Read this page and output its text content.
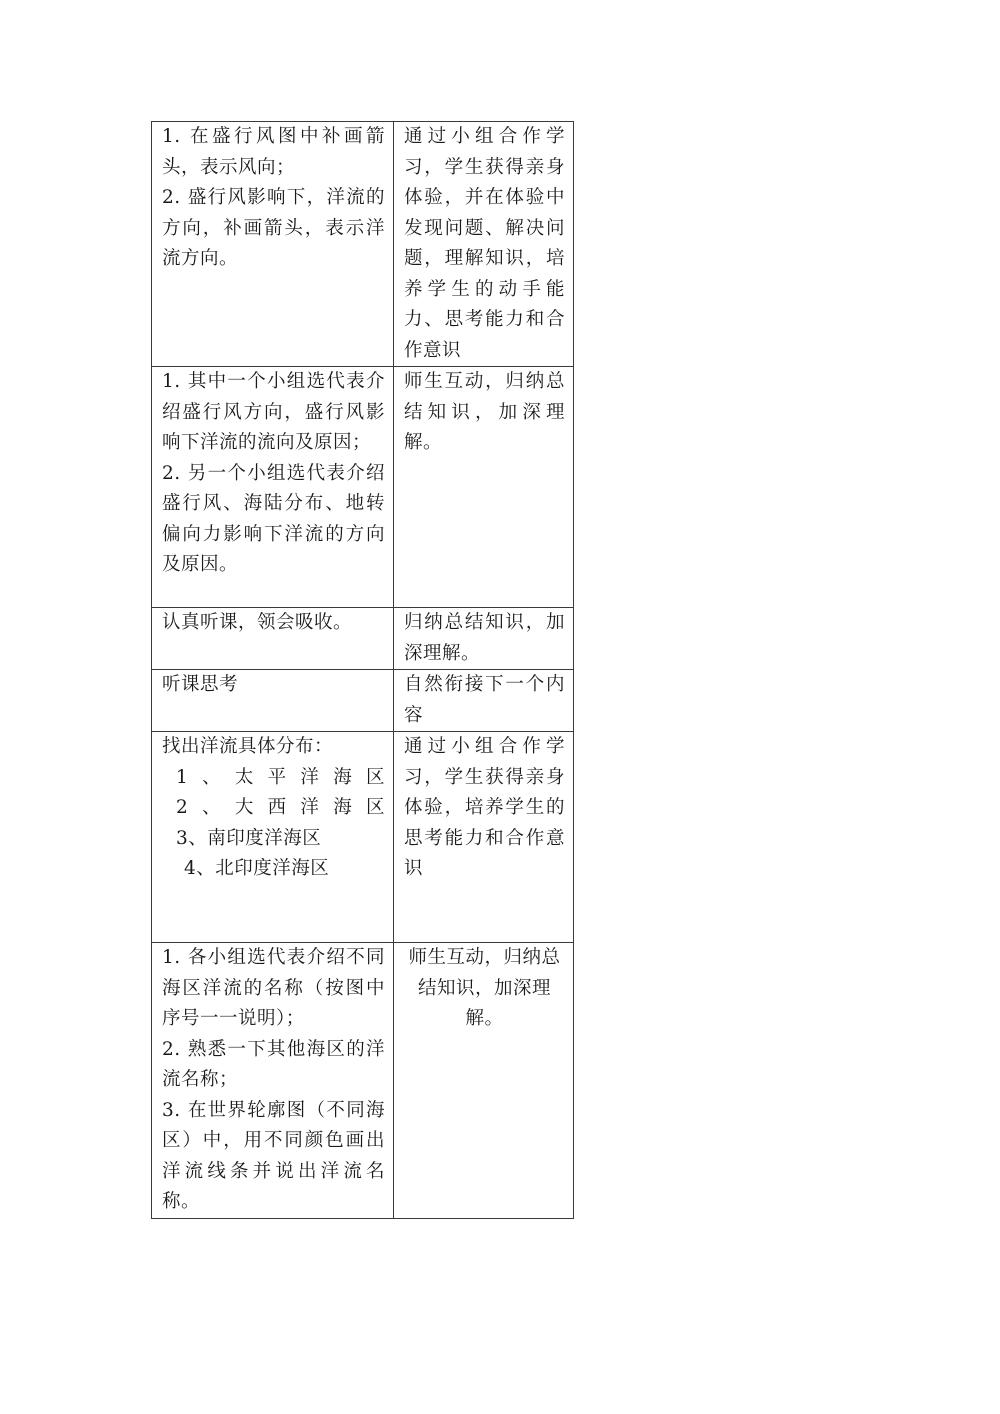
1. 在盛行风图中补画箭头，表示风向；
2. 盛行风影响下，洋流的方向，补画箭头，表示洋流方向。	通过小组合作学习，学生获得亲身体验，并在体验中发现问题、解决问题，理解知识，培养学生的动手能力、思考能力和合作意识

1. 其中一个小组选代表介绍盛行风方向，盛行风影响下洋流的流向及原因；
2. 另一个小组选代表介绍盛行风、海陆分布、地转偏向力影响下洋流的方向及原因。	师生互动，归纳总结知识，加深理解。

认真听课，领会吸收。	归纳总结知识，加深理解。

听课思考	自然衔接下一个内容

找出洋流具体分布：
1、太平洋海区
2、大西洋海区
3、南印度洋海区
4、北印度洋海区	通过小组合作学习，学生获得亲身体验，培养学生的思考能力和合作意识

1. 各小组选代表介绍不同海区洋流的名称（按图中序号一一说明）；
2. 熟悉一下其他海区的洋流名称；
3. 在世界轮廓图（不同海区）中，用不同颜色画出洋流线条并说出洋流名称。	师生互动，归纳总结知识，加深理解。
